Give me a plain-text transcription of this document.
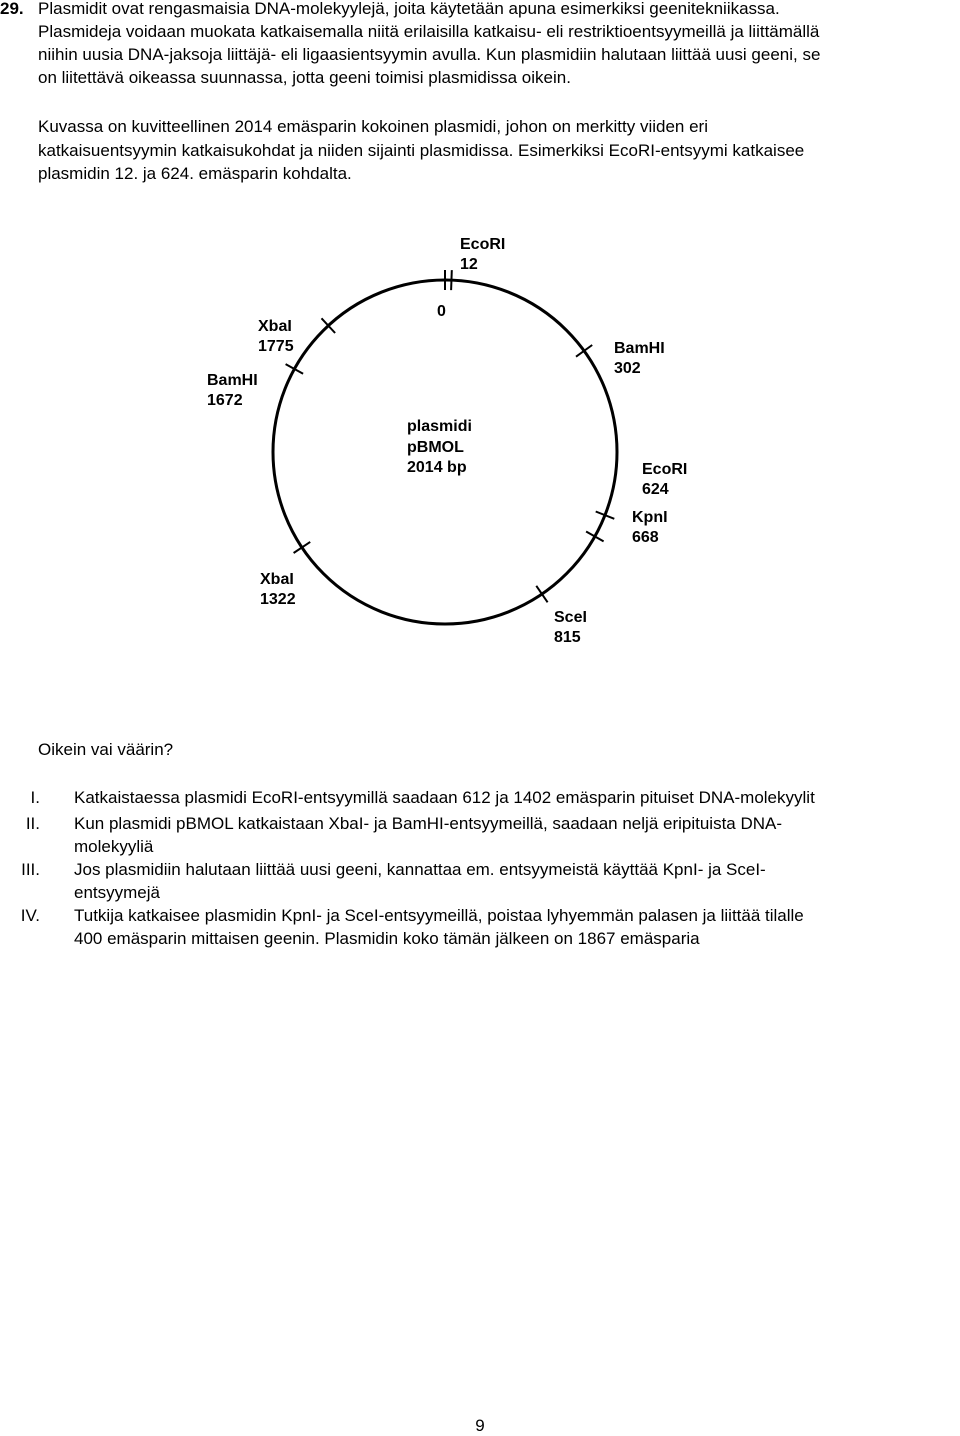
29. Plasmidit ovat rengasmaisia DNA-molekyylejä, joita käytetään apuna esimerkiksi geenitekniikassa.
Plasmideja voidaan muokata katkaisemalla niitä erilaisilla katkaisu- eli restriktioentsyymeillä ja liittämällä
niihin uusia DNA-jaksoja liittäjä- eli ligaasientsyymin avulla. Kun plasmidiin halutaan liittää uusi geeni, se
on liitettävä oikeassa suunnassa, jotta geeni toimisi plasmidissa oikein.

Kuvassa on kuvitteellinen 2014 emäsparin kokoinen plasmidi, johon on merkitty viiden eri
katkaisuentsyymin katkaisukohdat ja niiden sijainti plasmidissa. Esimerkiksi EcoRI-entsyymi katkaisee
plasmidin 12. ja 624. emäsparin kohdalta.

0
plasmidi
pBMOL
2014 bp
EcoRI
12
BamHI
302
EcoRI
624
KpnI
668
SceI
815
XbaI
1322
BamHI
1672
XbaI
1775
Oikein vai väärin?
I. Katkaistaessa plasmidi EcoRI-entsyymillä saadaan 612 ja 1402 emäsparin pituiset DNA-molekyylit
II. Kun plasmidi pBMOL katkaistaan XbaI- ja BamHI-entsyymeillä, saadaan neljä eripituista DNA-
molekyyliä
III. Jos plasmidiin halutaan liittää uusi geeni, kannattaa em. entsyymeistä käyttää KpnI- ja SceI-
entsyymejä
IV. Tutkija katkaisee plasmidin KpnI- ja SceI-entsyymeillä, poistaa lyhyemmän palasen ja liittää tilalle
400 emäsparin mittaisen geenin. Plasmidin koko tämän jälkeen on 1867 emäsparia
9
